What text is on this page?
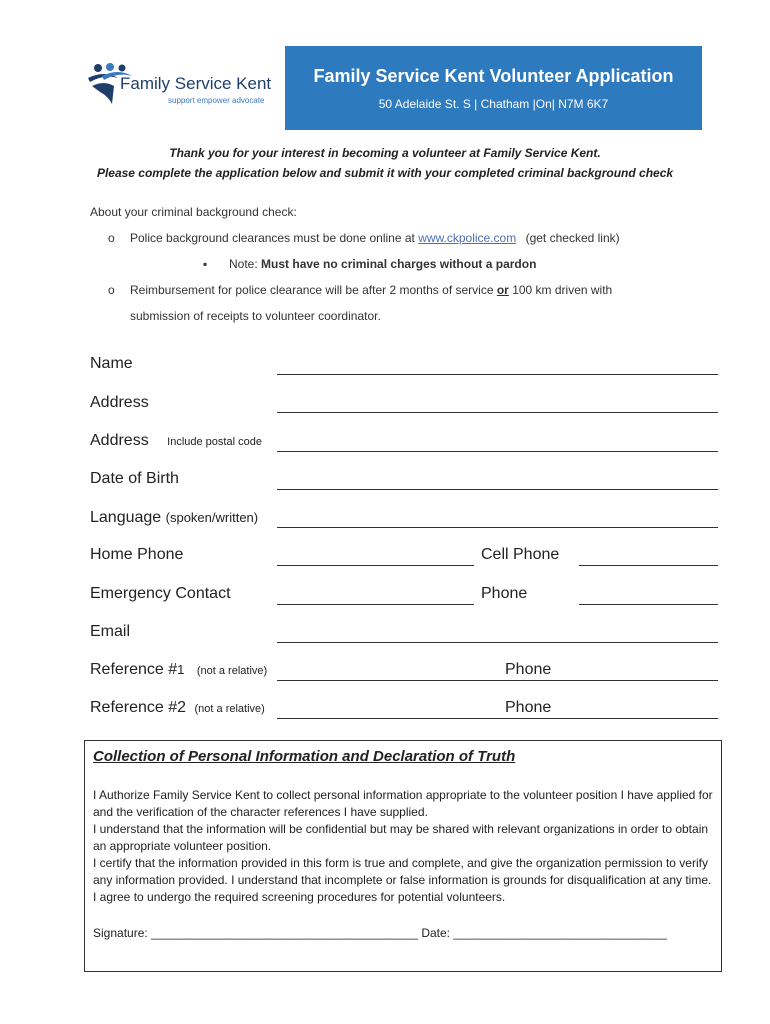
Family Service Kent
support empower advocate
Family Service Kent Volunteer Application
50 Adelaide St. S | Chatham |On| N7M 6K7
Thank you for your interest in becoming a volunteer at Family Service Kent.
Please complete the application below and submit it with your completed criminal background check
About your criminal background check:
o Police background clearances must be done online at www.ckpolice.com (get checked link)
▪ Note: Must have no criminal charges without a pardon
o Reimbursement for police clearance will be after 2 months of service or 100 km driven with
submission of receipts to volunteer coordinator.
Name
Address
Address Include postal code
Date of Birth
Language (spoken/written)
Home Phone	Cell Phone
Emergency Contact	Phone
Email
Reference #1 (not a relative)	Phone
Reference #2 (not a relative)	Phone
Collection of Personal Information and Declaration of Truth
I Authorize Family Service Kent to collect personal information appropriate to the volunteer position I have applied for and the verification of the character references I have supplied.
I understand that the information will be confidential but may be shared with relevant organizations in order to obtain an appropriate volunteer position.
I certify that the information provided in this form is true and complete, and give the organization permission to verify any information provided. I understand that incomplete or false information is grounds for disqualification at any time. I agree to undergo the required screening procedures for potential volunteers.
Signature: ________________________________________ Date: ________________________________
